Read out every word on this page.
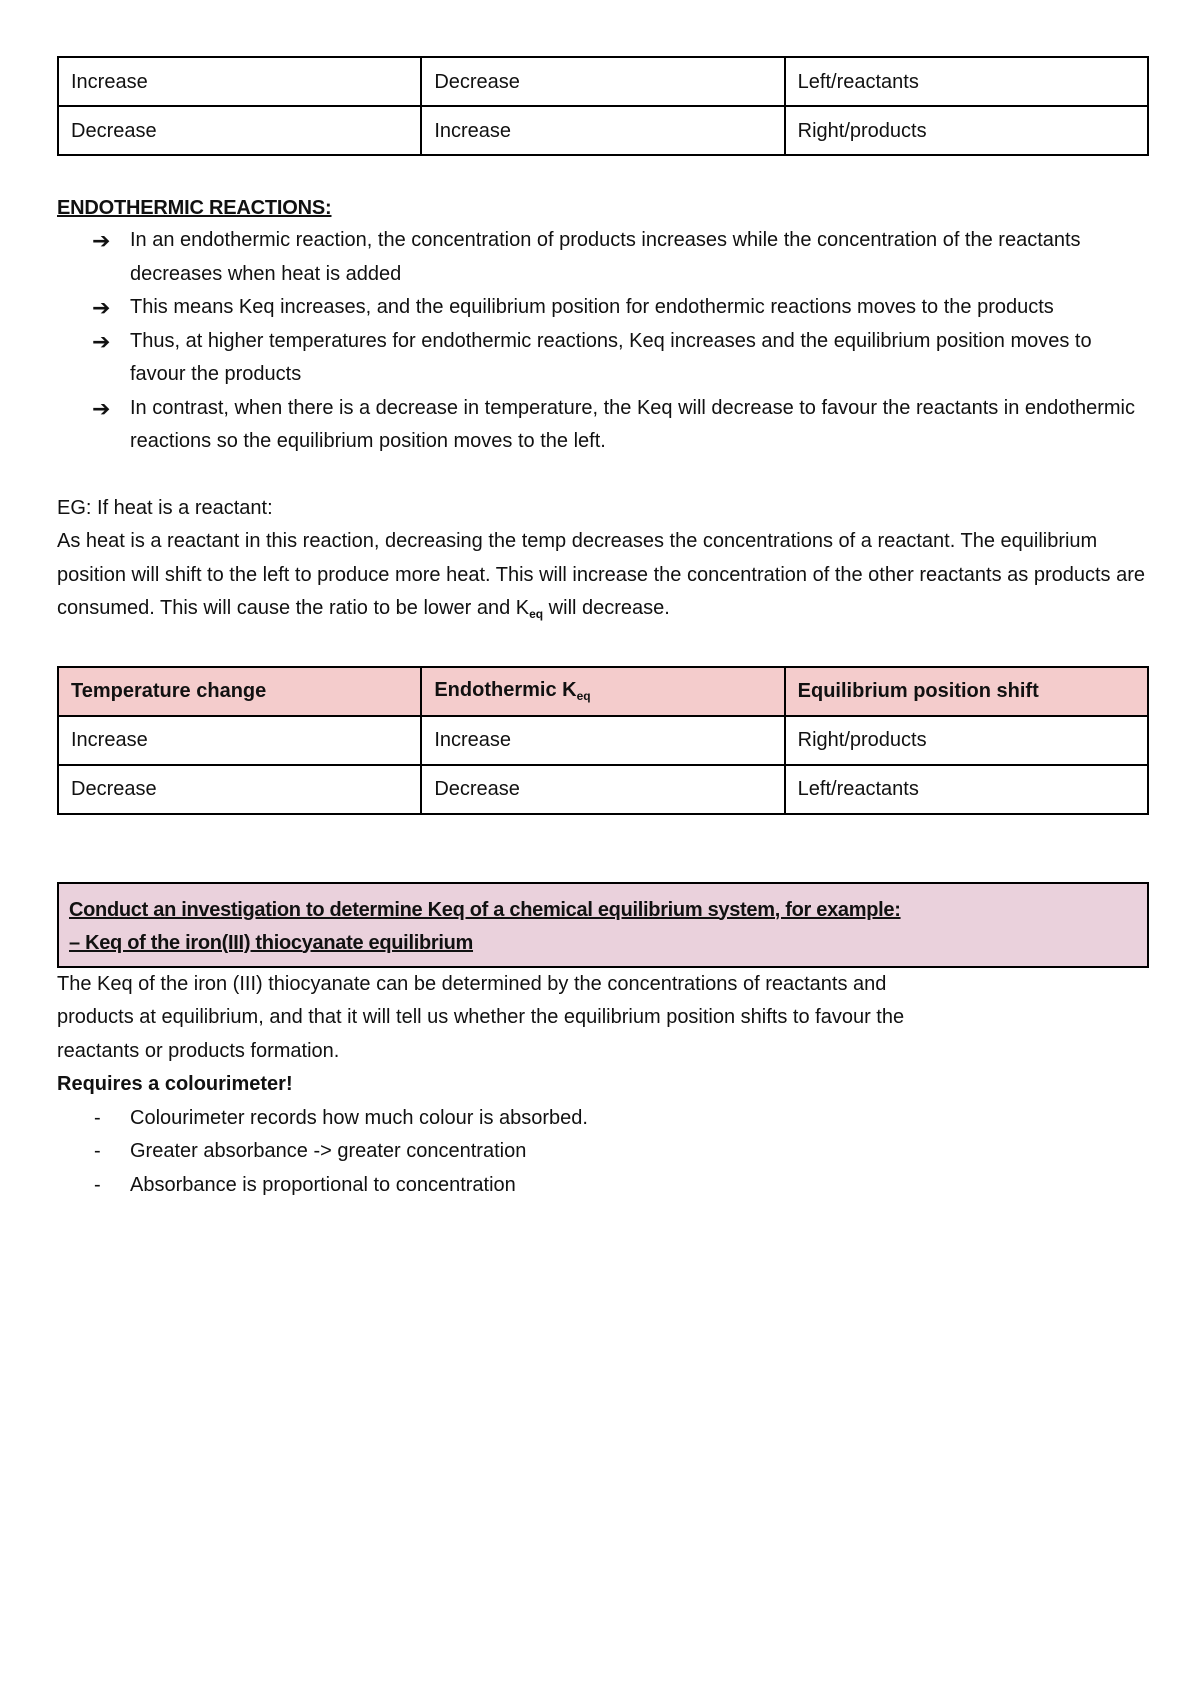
Increase	Decrease	Left/reactants
Decrease	Increase	Right/products
ENDOTHERMIC REACTIONS:
➔ In an endothermic reaction, the concentration of products increases while the concentration of the reactants decreases when heat is added
➔ This means Keq increases, and the equilibrium position for endothermic reactions moves to the products
➔ Thus, at higher temperatures for endothermic reactions, Keq increases and the equilibrium position moves to favour the products
➔ In contrast, when there is a decrease in temperature, the Keq will decrease to favour the reactants in endothermic reactions so the equilibrium position moves to the left.
EG: If heat is a reactant:
As heat is a reactant in this reaction, decreasing the temp decreases the concentrations of a reactant. The equilibrium position will shift to the left to produce more heat. This will increase the concentration of the other reactants as products are consumed. This will cause the ratio to be lower and $K_{eq}$ will decrease.
Temperature change	Endothermic $K_{eq}$	Equilibrium position shift
Increase	Increase	Right/products
Decrease	Decrease	Left/reactants
Conduct an investigation to determine Keq of a chemical equilibrium system, for example:
– Keq of the iron(III) thiocyanate equilibrium
The Keq of the iron (III) thiocyanate can be determined by the concentrations of reactants and products at equilibrium, and that it will tell us whether the equilibrium position shifts to favour the reactants or products formation.
Requires a colourimeter!
- Colourimeter records how much colour is absorbed.
- Greater absorbance -> greater concentration
- Absorbance is proportional to concentration
